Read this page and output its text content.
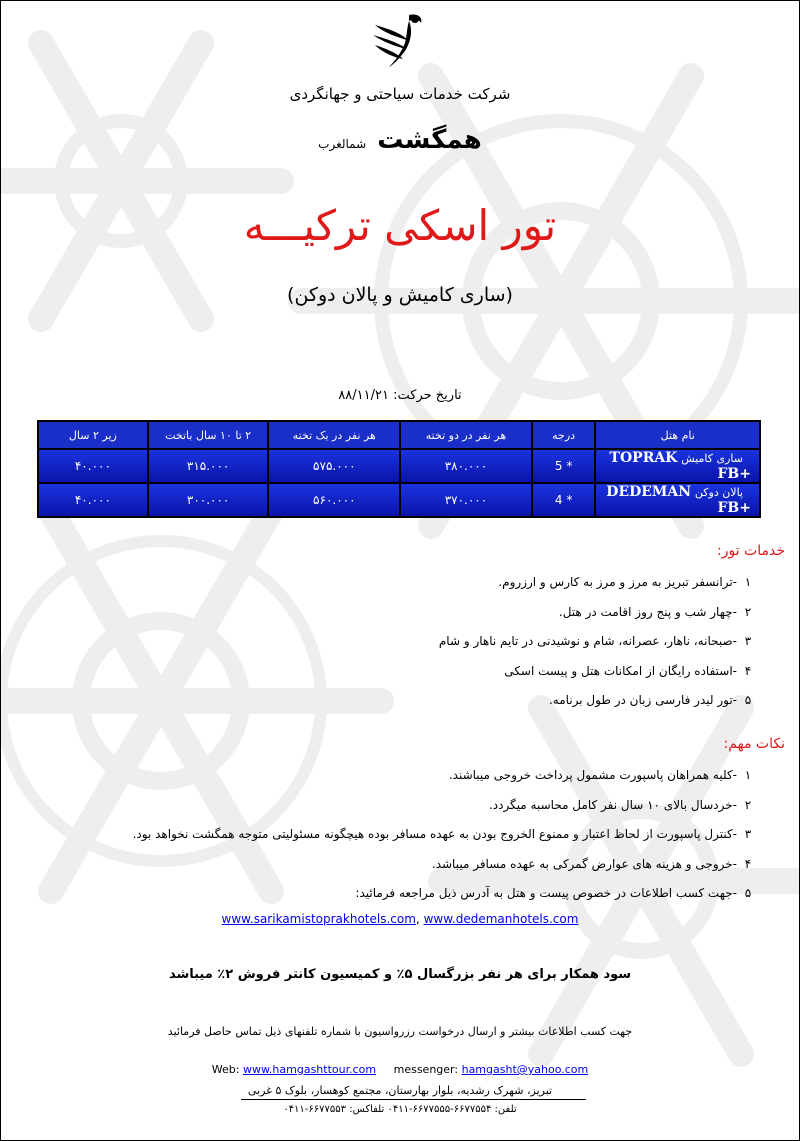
شرکت خدمات سیاحتی و جهانگردی
همگشت شمالغرب
تور اسکی ترکیـــه
(ساری کامیش و پالان دوکن)
تاریخ حرکت: ۸۸/۱۱/۲۱
نام هتل	درجه	هر نفر در دو تخته	هر نفر در یک تخته	۲ تا ۱۰ سال باتخت	زیر ۲ سال
ساری کامیش TOPRAK FB+	5 *	۳۸۰.۰۰۰	۵۷۵.۰۰۰	۳۱۵.۰۰۰	۴۰.۰۰۰
پالان دوکن DEDEMAN FB+	4 *	۳۷۰.۰۰۰	۵۶۰.۰۰۰	۳۰۰.۰۰۰	۴۰.۰۰۰
خدمات تور:
۱-ترانسفر تبریز به مرز و مرز به کارس و ارزروم.
۲-چهار شب و پنج روز اقامت در هتل.
۳-صبحانه، ناهار، عصرانه، شام و نوشیدنی در تایم ناهار و شام
۴-استفاده رایگان از امکانات هتل و پیست اسکی
۵-تور لیدر فارسی زبان در طول برنامه.
نکات مهم:
۱-کلیه همراهان پاسپورت مشمول پرداخت خروجی میباشند.
۲-خردسال بالای ۱۰ سال نفر کامل محاسبه میگردد.
۳-کنترل پاسپورت از لحاظ اعتبار و ممنوع الخروج بودن به عهده مسافر بوده هیچگونه مسئولیتی متوجه همگشت نخواهد بود.
۴-خروجی و هزینه های عوارض گمرکی به عهده مسافر میباشد.
۵-جهت کسب اطلاعات در خصوص پیست و هتل به آدرس ذیل مراجعه فرمائید:
www.sarikamistoprakhotels.com, www.dedemanhotels.com
سود همکار برای هر نفر بزرگسال ۵٪ و کمیسیون کانتر فروش ۲٪ میباشد
جهت کسب اطلاعات بیشتر و ارسال درخواست رزرواسیون با شماره تلفنهای ذیل تماس حاصل فرمائید
Web: www.hamgashttour.com messenger: hamgasht@yahoo.com
تبریز، شهرک رشدیه، بلوار بهارستان، مجتمع کوهسار، بلوک ۵ غربی
تلفن: ۶۶۷۷۵۵۴-۶۶۷۷۵۵۵-۰۴۱۱ تلفاکس: ۶۶۷۷۵۵۳-۰۴۱۱
